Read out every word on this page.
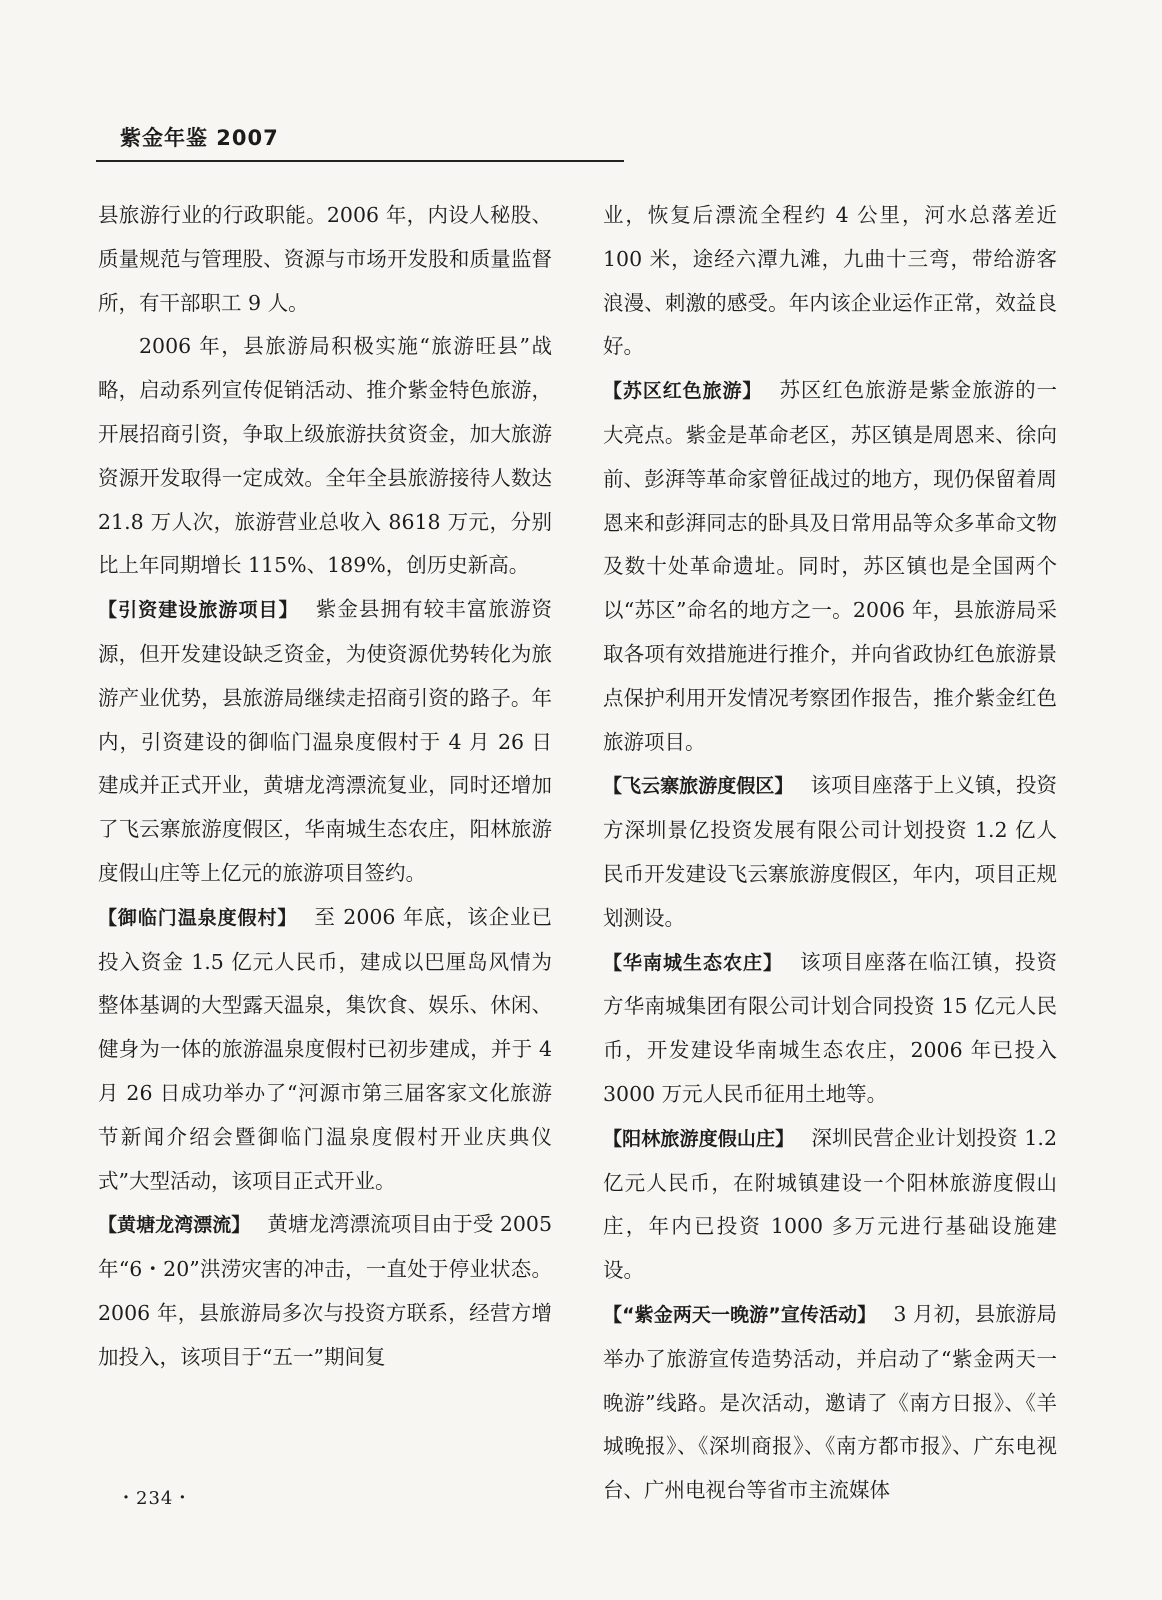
紫金年鉴 2007

县旅游行业的行政职能。2006 年，内设人秘股、质量规范与管理股、资源与市场开发股和质量监督所，有干部职工 9 人。

2006 年，县旅游局积极实施“旅游旺县”战略，启动系列宣传促销活动、推介紫金特色旅游，开展招商引资，争取上级旅游扶贫资金，加大旅游资源开发取得一定成效。全年全县旅游接待人数达 21.8 万人次，旅游营业总收入 8618 万元，分别比上年同期增长 115%、189%，创历史新高。

【引资建设旅游项目】 紫金县拥有较丰富旅游资源，但开发建设缺乏资金，为使资源优势转化为旅游产业优势，县旅游局继续走招商引资的路子。年内，引资建设的御临门温泉度假村于 4 月 26 日建成并正式开业，黄塘龙湾漂流复业，同时还增加了飞云寨旅游度假区，华南城生态农庄，阳林旅游度假山庄等上亿元的旅游项目签约。

【御临门温泉度假村】 至 2006 年底，该企业已投入资金 1.5 亿元人民币，建成以巴厘岛风情为整体基调的大型露天温泉，集饮食、娱乐、休闲、健身为一体的旅游温泉度假村已初步建成，并于 4 月 26 日成功举办了“河源市第三届客家文化旅游节新闻介绍会暨御临门温泉度假村开业庆典仪式”大型活动，该项目正式开业。

【黄塘龙湾漂流】 黄塘龙湾漂流项目由于受 2005 年“6・20”洪涝灾害的冲击，一直处于停业状态。2006 年，县旅游局多次与投资方联系，经营方增加投入，该项目于“五一”期间复

业，恢复后漂流全程约 4 公里，河水总落差近 100 米，途经六潭九滩，九曲十三弯，带给游客浪漫、刺激的感受。年内该企业运作正常，效益良好。

【苏区红色旅游】 苏区红色旅游是紫金旅游的一大亮点。紫金是革命老区，苏区镇是周恩来、徐向前、彭湃等革命家曾征战过的地方，现仍保留着周恩来和彭湃同志的卧具及日常用品等众多革命文物及数十处革命遗址。同时，苏区镇也是全国两个以“苏区”命名的地方之一。2006 年，县旅游局采取各项有效措施进行推介，并向省政协红色旅游景点保护利用开发情况考察团作报告，推介紫金红色旅游项目。

【飞云寨旅游度假区】 该项目座落于上义镇，投资方深圳景亿投资发展有限公司计划投资 1.2 亿人民币开发建设飞云寨旅游度假区，年内，项目正规划测设。

【华南城生态农庄】 该项目座落在临江镇，投资方华南城集团有限公司计划合同投资 15 亿元人民币，开发建设华南城生态农庄，2006 年已投入 3000 万元人民币征用土地等。

【阳林旅游度假山庄】 深圳民营企业计划投资 1.2 亿元人民币，在附城镇建设一个阳林旅游度假山庄，年内已投资 1000 多万元进行基础设施建设。

【“紫金两天一晚游”宣传活动】 3 月初，县旅游局举办了旅游宣传造势活动，并启动了“紫金两天一晚游”线路。是次活动，邀请了《南方日报》、《羊城晚报》、《深圳商报》、《南方都市报》、广东电视台、广州电视台等省市主流媒体

・234・
